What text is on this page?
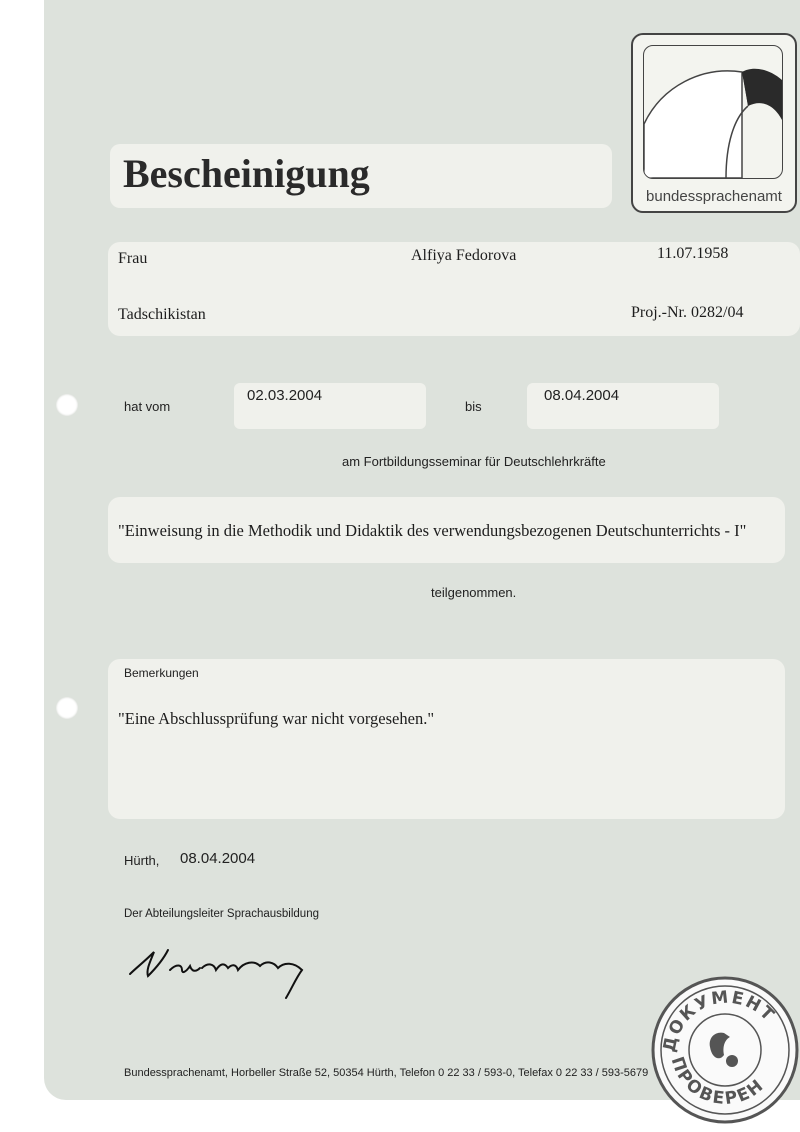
Bescheinigung
bundessprachenamt
Frau	Alfiya Fedorova	11.07.1958
Tadschikistan	Proj.-Nr. 0282/04
hat vom
02.03.2004
bis
08.04.2004
am Fortbildungsseminar für Deutschlehrkräfte
"Einweisung in die Methodik und Didaktik des verwendungsbezogenen Deutschunterrichts - I"
teilgenommen.
Bemerkungen
"Eine Abschlussprüfung war nicht vorgesehen."
Hürth, 08.04.2004
Der Abteilungsleiter Sprachausbildung
Bundessprachenamt, Horbeller Straße 52, 50354 Hürth, Telefon 0 22 33 / 593-0, Telefax 0 22 33 / 593-5679
ДОКУМЕНТ
ПРОВЕРЕН
